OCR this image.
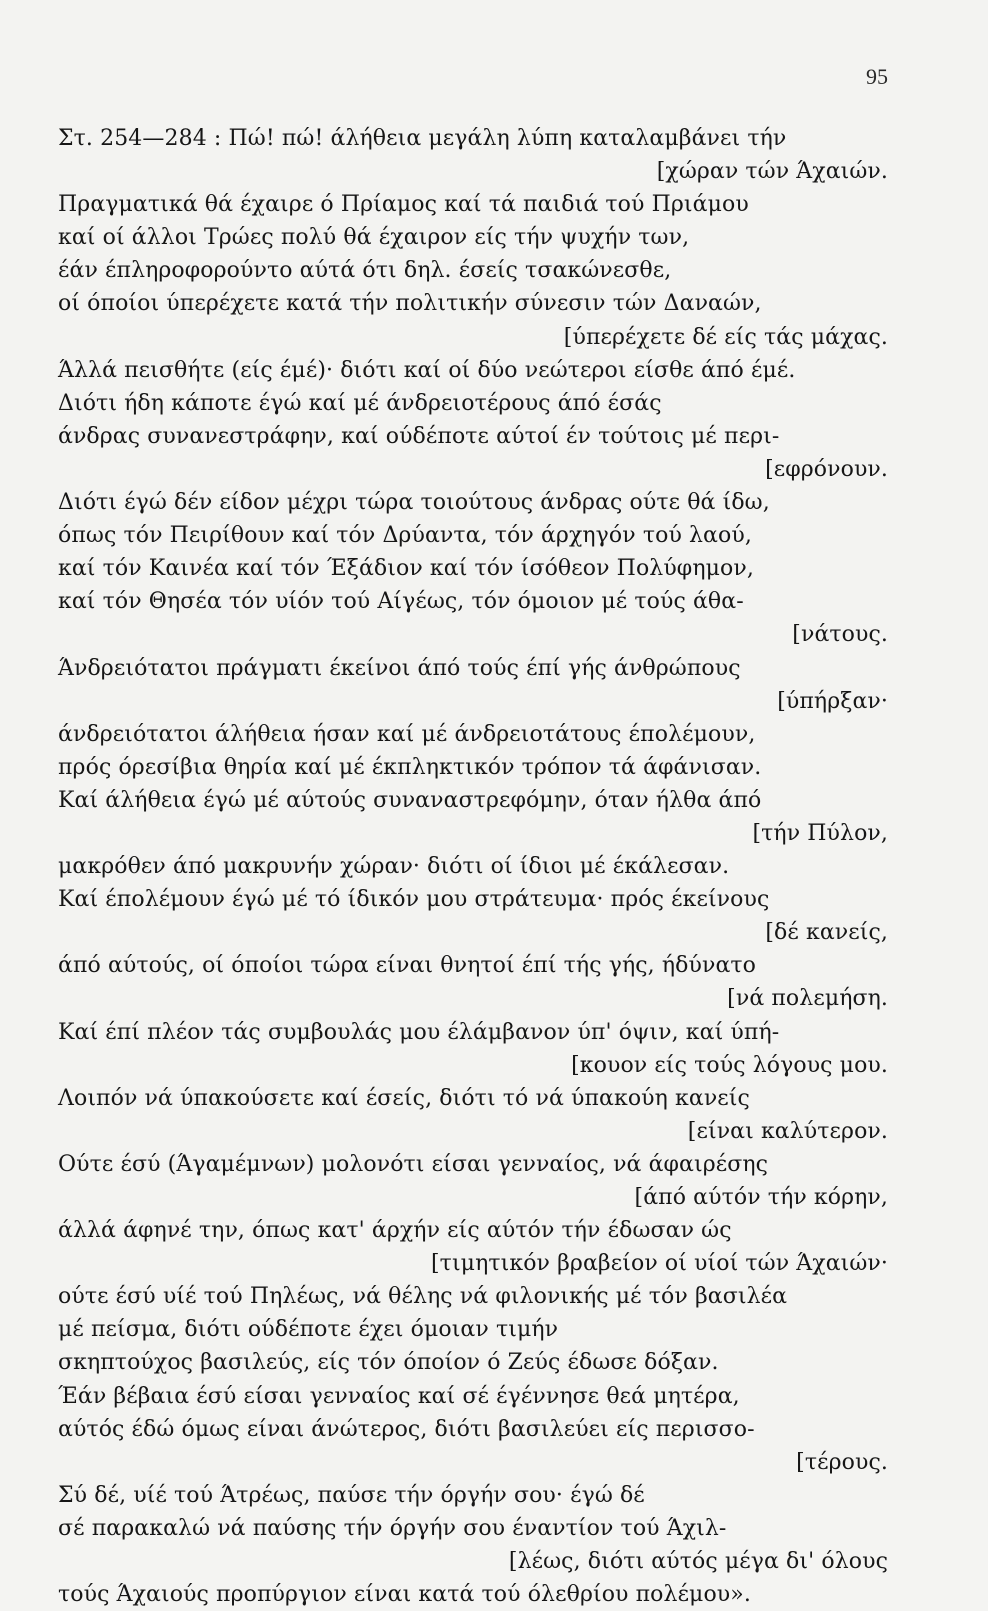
95
Στ. 254—284 : Πώ! πώ! άλήθεια μεγάλη λύπη καταλαμβάνει τήν
[χώραν τών Άχαιών.
Πραγματικά θά έχαιρε ό Πρίαμος καί τά παιδιά τού Πριάμου
καί οί άλλοι Τρώες πολύ θά έχαιρον είς τήν ψυχήν των,
έάν έπληροφορούντο αύτά ότι δηλ. έσείς τσακώνεσθε,
οί όποίοι ύπερέχετε κατά τήν πολιτικήν σύνεσιν τών Δαναών,
[ύπερέχετε δέ είς τάς μάχας.
Άλλά πεισθήτε (είς έμέ)· διότι καί οί δύο νεώτεροι είσθε άπό έμέ.
Διότι ήδη κάποτε έγώ καί μέ άνδρειοτέρους άπό έσάς
άνδρας συνανεστράφην, καί ούδέποτε αύτοί έν τούτοις μέ περι-
[εφρόνουν.
Διότι έγώ δέν είδον μέχρι τώρα τοιούτους άνδρας ούτε θά ίδω,
όπως τόν Πειρίθουν καί τόν Δρύαντα, τόν άρχηγόν τού λαού,
καί τόν Καινέα καί τόν Έξάδιον καί τόν ίσόθεον Πολύφημον,
καί τόν Θησέα τόν υίόν τού Αίγέως, τόν όμοιον μέ τούς άθα-
[νάτους.
Άνδρειότατοι πράγματι έκείνοι άπό τούς έπί γής άνθρώπους
[ύπήρξαν·
άνδρειότατοι άλήθεια ήσαν καί μέ άνδρειοτάτους έπολέμουν,
πρός όρεσίβια θηρία καί μέ έκπληκτικόν τρόπον τά άφάνισαν.
Καί άλήθεια έγώ μέ αύτούς συναναστρεφόμην, όταν ήλθα άπό
[τήν Πύλον,
μακρόθεν άπό μακρυνήν χώραν· διότι οί ίδιοι μέ έκάλεσαν.
Καί έπολέμουν έγώ μέ τό ίδικόν μου στράτευμα· πρός έκείνους
[δέ κανείς,
άπό αύτούς, οί όποίοι τώρα είναι θνητοί έπί τής γής, ήδύνατο
[νά πολεμήση.
Καί έπί πλέον τάς συμβουλάς μου έλάμβανον ύπ' όψιν, καί ύπή-
[κουον είς τούς λόγους μου.
Λοιπόν νά ύπακούσετε καί έσείς, διότι τό νά ύπακούη κανείς
[είναι καλύτερον.
Ούτε έσύ (Άγαμέμνων) μολονότι είσαι γενναίος, νά άφαιρέσης
[άπό αύτόν τήν κόρην,
άλλά άφηνέ την, όπως κατ' άρχήν είς αύτόν τήν έδωσαν ώς
[τιμητικόν βραβείον οί υίοί τών Άχαιών·
ούτε έσύ υίέ τού Πηλέως, νά θέλης νά φιλονικής μέ τόν βασιλέα
μέ πείσμα, διότι ούδέποτε έχει όμοιαν τιμήν
σκηπτούχος βασιλεύς, είς τόν όποίον ό Ζεύς έδωσε δόξαν.
Έάν βέβαια έσύ είσαι γενναίος καί σέ έγέννησε θεά μητέρα,
αύτός έδώ όμως είναι άνώτερος, διότι βασιλεύει είς περισσο-
[τέρους.
Σύ δέ, υίέ τού Άτρέως, παύσε τήν όργήν σου· έγώ δέ
σέ παρακαλώ νά παύσης τήν όργήν σου έναντίον τού Άχιλ-
[λέως, διότι αύτός μέγα δι' όλους
τούς Άχαιούς προπύργιον είναι κατά τού όλεθρίου πολέμου».
